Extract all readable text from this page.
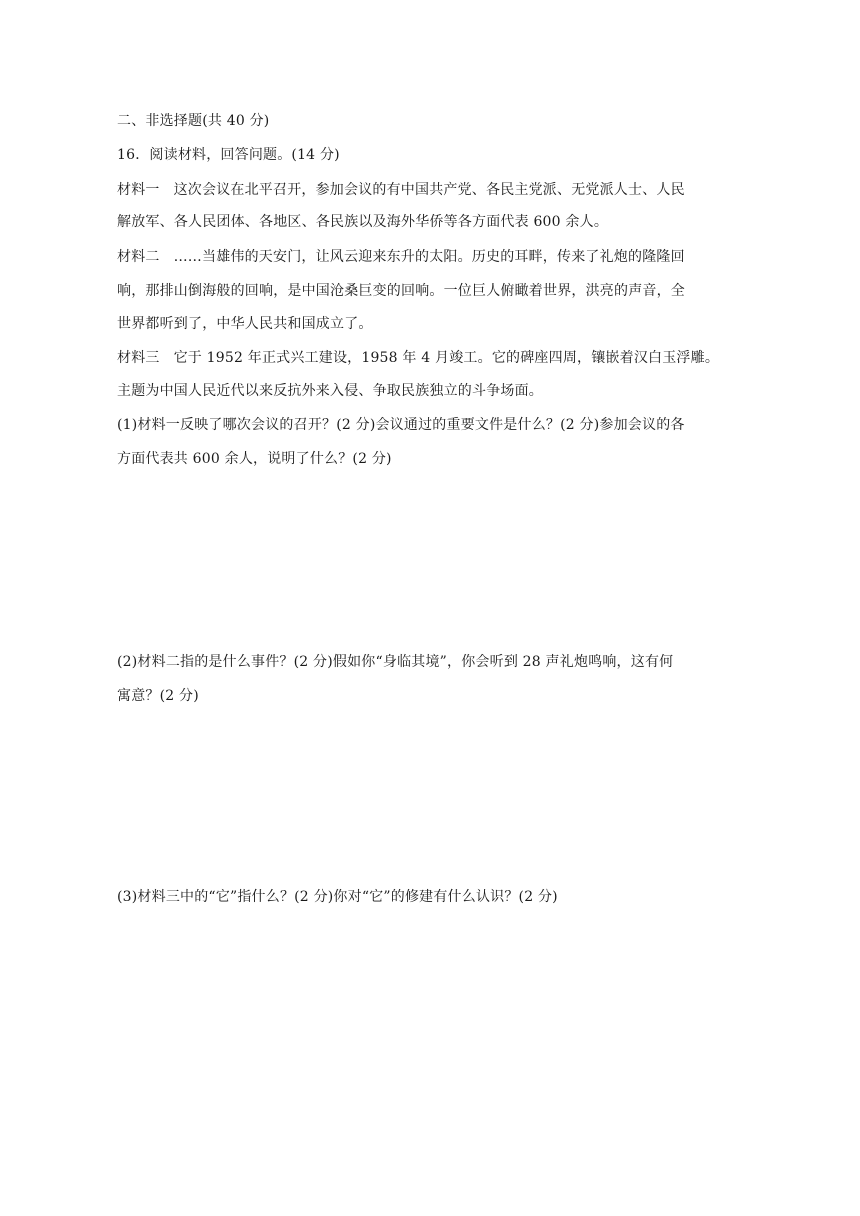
二、非选择题(共 40 分)
16．阅读材料，回答问题。(14 分)
材料一 这次会议在北平召开，参加会议的有中国共产党、各民主党派、无党派人士、人民
解放军、各人民团体、各地区、各民族以及海外华侨等各方面代表 600 余人。
材料二 ……当雄伟的天安门，让风云迎来东升的太阳。历史的耳畔，传来了礼炮的隆隆回
响，那排山倒海般的回响，是中国沧桑巨变的回响。一位巨人俯瞰着世界，洪亮的声音，全
世界都听到了，中华人民共和国成立了。
材料三 它于 1952 年正式兴工建设，1958 年 4 月竣工。它的碑座四周，镶嵌着汉白玉浮雕。
主题为中国人民近代以来反抗外来入侵、争取民族独立的斗争场面。
(1)材料一反映了哪次会议的召开？(2 分)会议通过的重要文件是什么？(2 分)参加会议的各
方面代表共 600 余人，说明了什么？(2 分)
(2)材料二指的是什么事件？(2 分)假如你“身临其境”，你会听到 28 声礼炮鸣响，这有何
寓意？(2 分)
(3)材料三中的“它”指什么？(2 分)你对“它”的修建有什么认识？(2 分)
